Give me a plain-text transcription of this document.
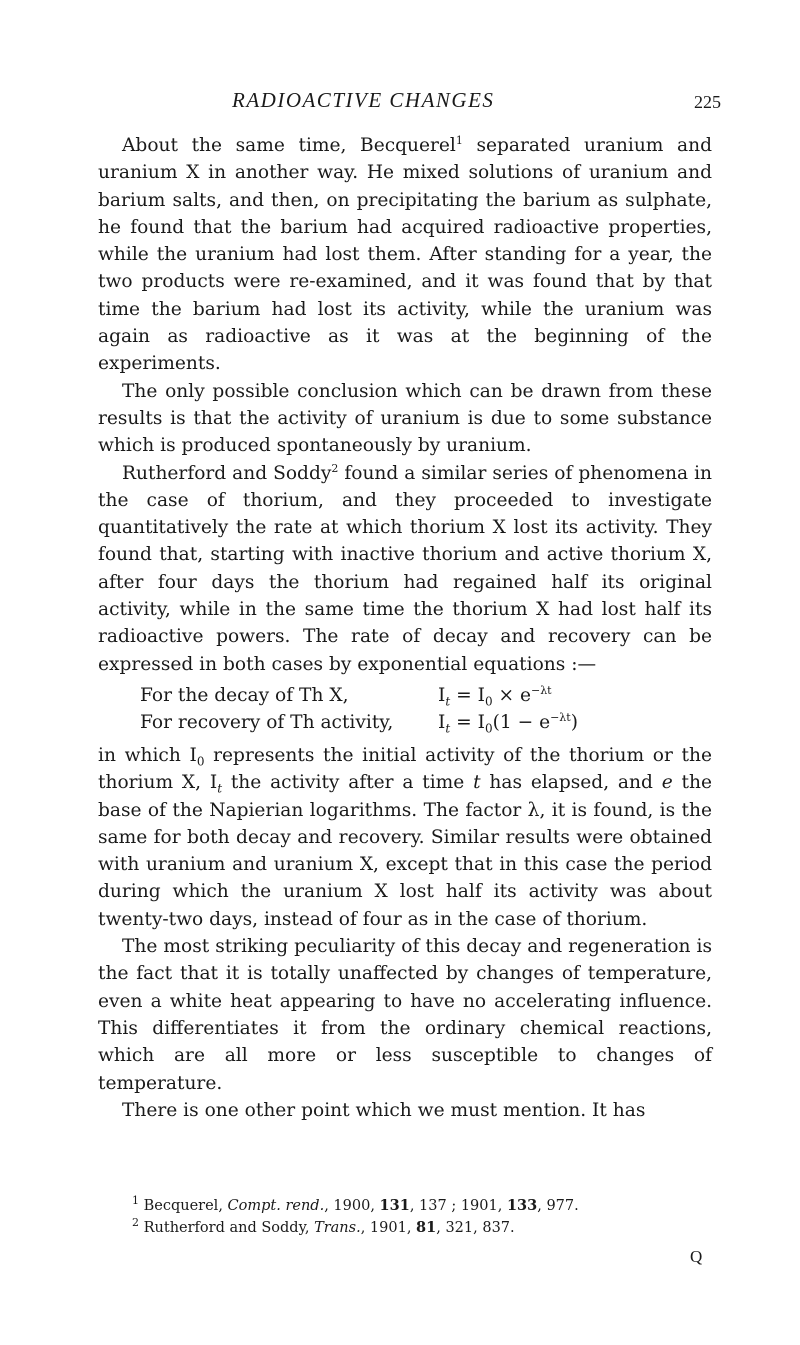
RADIOACTIVE CHANGES	225

About the same time, Becquerel$^1$ separated uranium and uranium X in another way. He mixed solutions of uranium and barium salts, and then, on precipitating the barium as sulphate, he found that the barium had acquired radioactive properties, while the uranium had lost them. After standing for a year, the two products were re-examined, and it was found that by that time the barium had lost its activity, while the uranium was again as radioactive as it was at the beginning of the experiments.

The only possible conclusion which can be drawn from these results is that the activity of uranium is due to some substance which is produced spontaneously by uranium.

Rutherford and Soddy$^2$ found a similar series of phenomena in the case of thorium, and they proceeded to investigate quantitatively the rate at which thorium X lost its activity. They found that, starting with inactive thorium and active thorium X, after four days the thorium had regained half its original activity, while in the same time the thorium X had lost half its radioactive powers. The rate of decay and recovery can be expressed in both cases by exponential equations :—

For the decay of Th X,	$I_t = I_0 \times e^{-\lambda t}$
For recovery of Th activity,	$I_t = I_0(1 - e^{-\lambda t})$

in which $I_0$ represents the initial activity of the thorium or the thorium X, $I_t$ the activity after a time t has elapsed, and e the base of the Napierian logarithms. The factor λ, it is found, is the same for both decay and recovery. Similar results were obtained with uranium and uranium X, except that in this case the period during which the uranium X lost half its activity was about twenty-two days, instead of four as in the case of thorium.

The most striking peculiarity of this decay and regeneration is the fact that it is totally unaffected by changes of temperature, even a white heat appearing to have no accelerating influence. This differentiates it from the ordinary chemical reactions, which are all more or less susceptible to changes of temperature.

There is one other point which we must mention. It has

$^1$ Becquerel, Compt. rend., 1900, 131, 137 ; 1901, 133, 977.
$^2$ Rutherford and Soddy, Trans., 1901, 81, 321, 837.
Q
